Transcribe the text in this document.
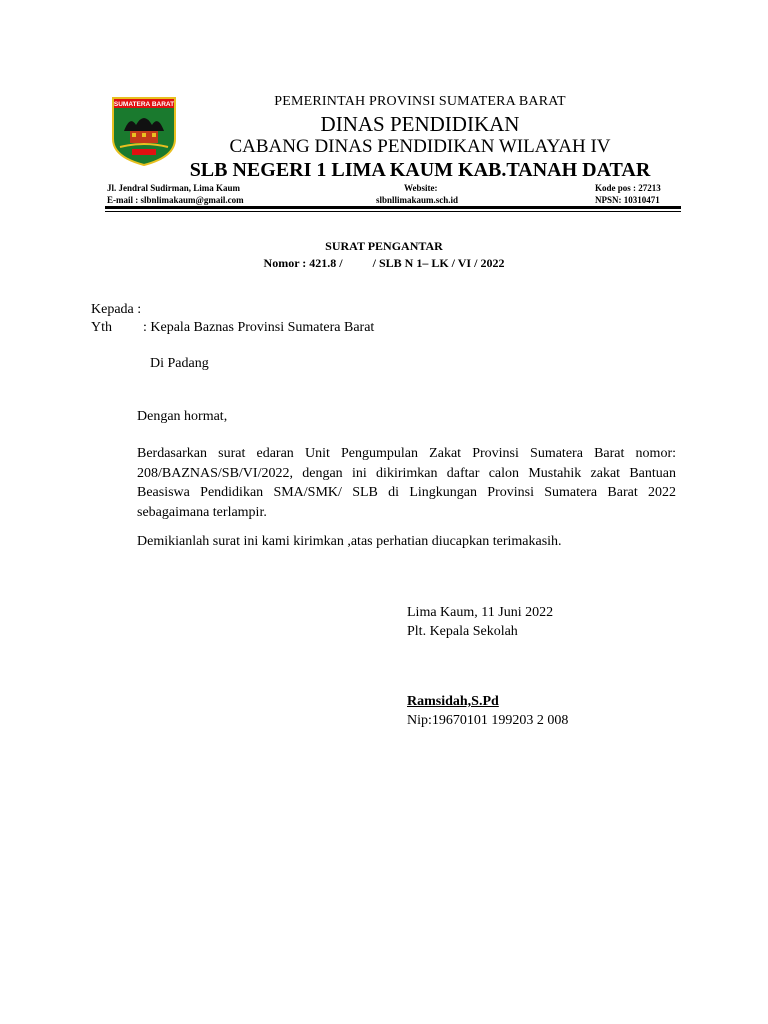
SUMATERA BARAT	PEMERINTAH PROVINSI SUMATERA BARAT
DINAS PENDIDIKAN
CABANG DINAS PENDIDIKAN WILAYAH IV
SLB NEGERI 1 LIMA KAUM KAB.TANAH DATAR
Jl. Jendral Sudirman, Lima Kaum
E-mail : slbnlimakaum@gmail.com
Website:
slbnllimakaum.sch.id
Kode pos : 27213
NPSN: 10310471
SURAT PENGANTAR
Nomor : 421.8 /          / SLB N 1– LK / VI / 2022
Kepada :
Yth : Kepala Baznas Provinsi Sumatera Barat
Di Padang
Dengan hormat,
Berdasarkan surat edaran Unit Pengumpulan Zakat Provinsi Sumatera Barat nomor: 208/BAZNAS/SB/VI/2022, dengan ini dikirimkan daftar calon Mustahik zakat Bantuan Beasiswa Pendidikan SMA/SMK/ SLB di Lingkungan Provinsi Sumatera Barat 2022 sebagaimana terlampir.
Demikianlah surat ini kami kirimkan ,atas perhatian diucapkan terimakasih.
Lima Kaum, 11 Juni 2022
Plt. Kepala Sekolah
Ramsidah,S.Pd
Nip:19670101 199203 2 008
